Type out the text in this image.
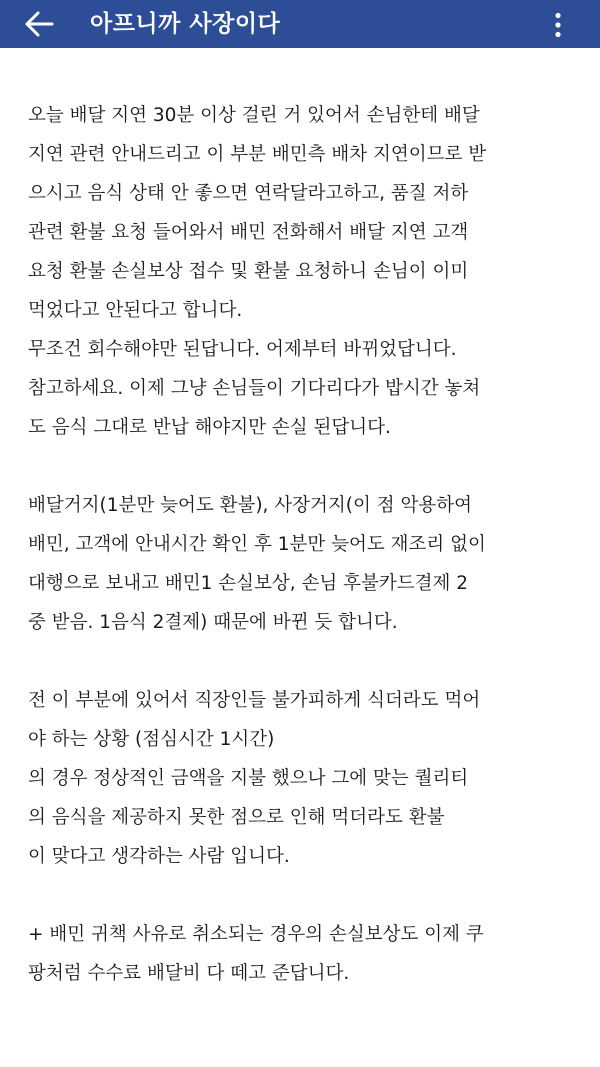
아프니까 사장이다
오늘 배달 지연 30분 이상 걸린 거 있어서 손님한테 배달
지연 관련 안내드리고 이 부분 배민측 배차 지연이므로 받
으시고 음식 상태 안 좋으면 연락달라고하고, 품질 저하
관련 환불 요청 들어와서 배민 전화해서 배달 지연 고객
요청 환불 손실보상 접수 및 환불 요청하니 손님이 이미
먹었다고 안된다고 합니다.
무조건 회수해야만 된답니다. 어제부터 바뀌었답니다.
참고하세요. 이제 그냥 손님들이 기다리다가 밥시간 놓쳐
도 음식 그대로 반납 해야지만 손실 된답니다.
배달거지(1분만 늦어도 환불), 사장거지(이 점 악용하여
배민, 고객에 안내시간 확인 후 1분만 늦어도 재조리 없이
대행으로 보내고 배민1 손실보상, 손님 후불카드결제 2
중 받음. 1음식 2결제) 때문에 바뀐 듯 합니다.
전 이 부분에 있어서 직장인들 불가피하게 식더라도 먹어
야 하는 상황 (점심시간 1시간)
의 경우 정상적인 금액을 지불 했으나 그에 맞는 퀄리티
의 음식을 제공하지 못한 점으로 인해 먹더라도 환불
이 맞다고 생각하는 사람 입니다.
+ 배민 귀책 사유로 취소되는 경우의 손실보상도 이제 쿠
팡처럼 수수료 배달비 다 떼고 준답니다.
